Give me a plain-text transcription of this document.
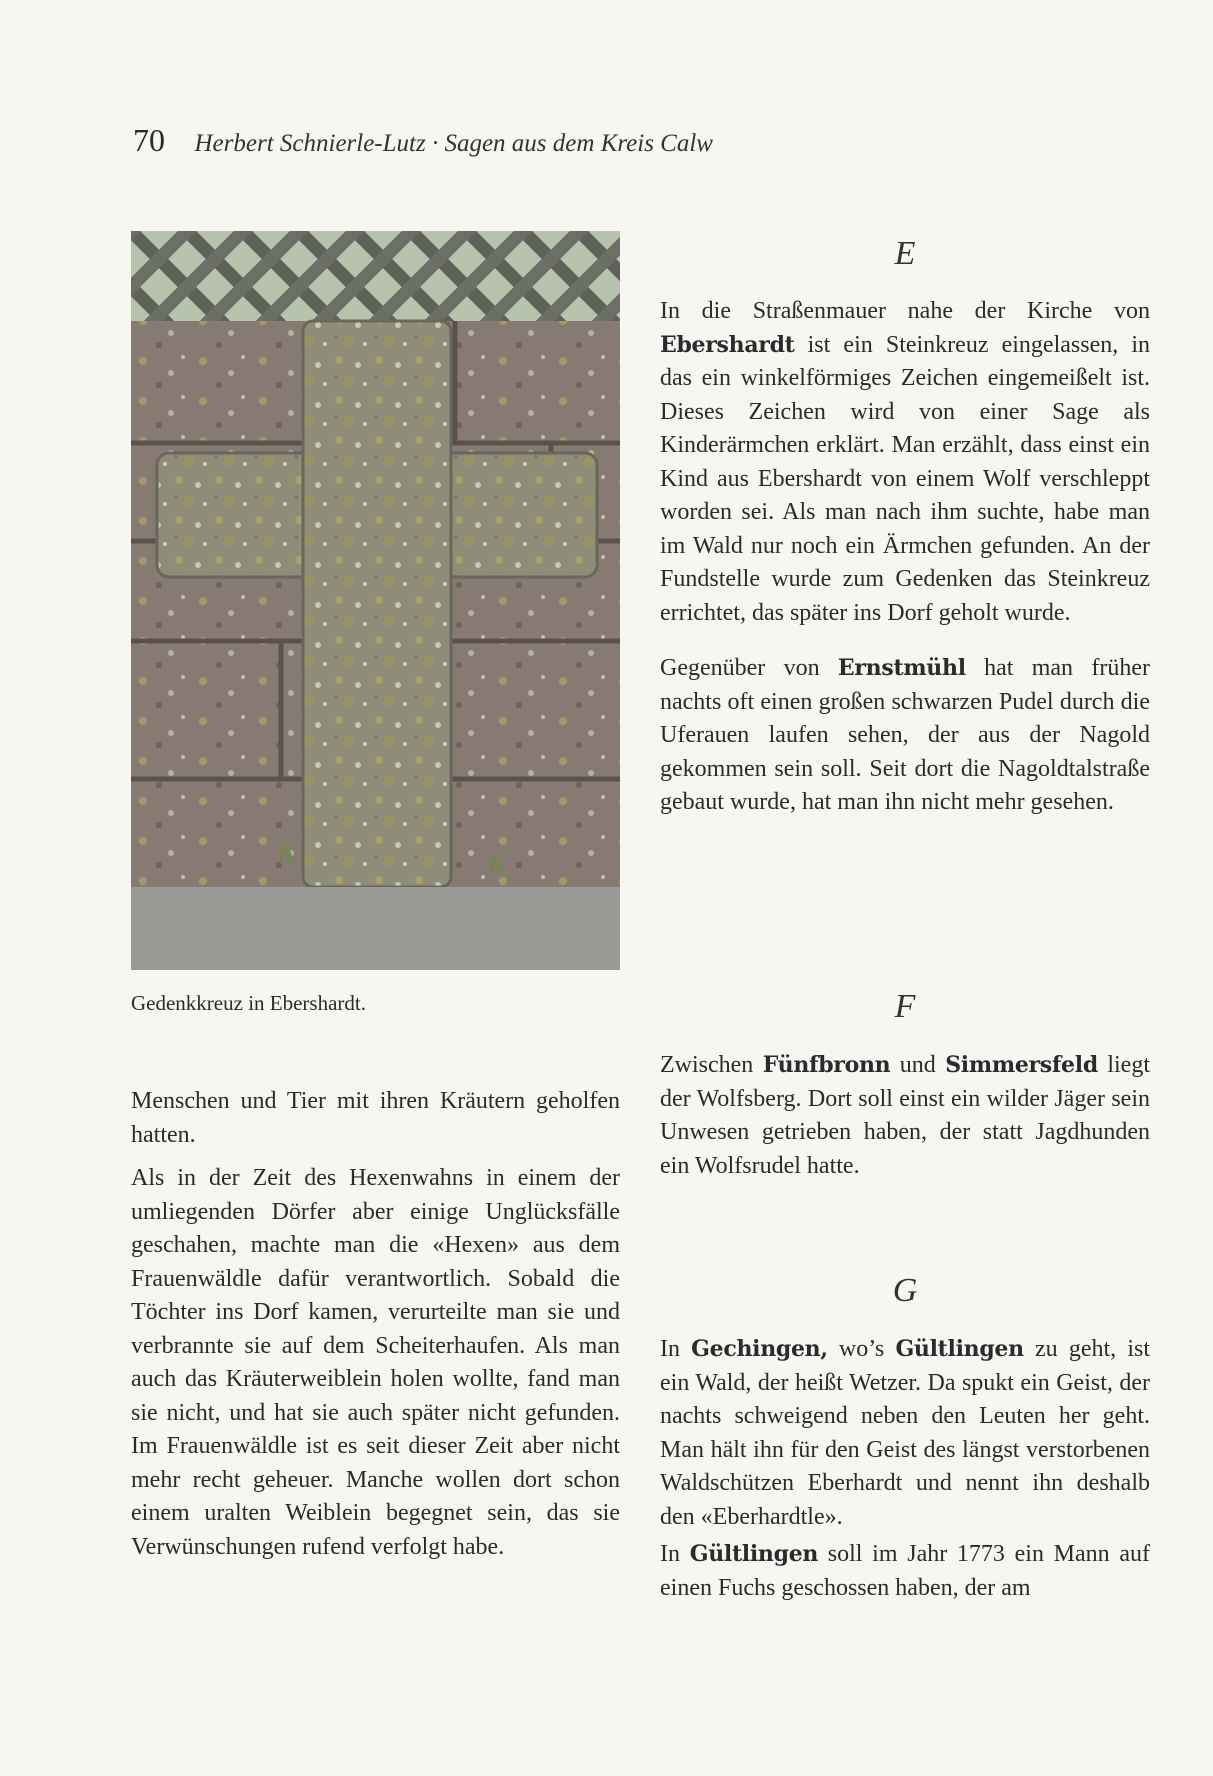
70 Herbert Schnierle-Lutz · Sagen aus dem Kreis Calw
Gedenkkreuz in Ebershardt.

Menschen und Tier mit ihren Kräutern geholfen hatten.

Als in der Zeit des Hexenwahns in einem der umliegenden Dörfer aber einige Unglücksfälle geschahen, machte man die «Hexen» aus dem Frauenwäldle dafür verantwortlich. Sobald die Töchter ins Dorf kamen, verurteilte man sie und verbrannte sie auf dem Scheiterhaufen. Als man auch das Kräuterweiblein holen wollte, fand man sie nicht, und hat sie auch später nicht gefunden. Im Frauenwäldle ist es seit dieser Zeit aber nicht mehr recht geheuer. Manche wollen dort schon einem uralten Weiblein begegnet sein, das sie Verwünschungen rufend verfolgt habe.

E

In die Straßenmauer nahe der Kirche von Ebershardt ist ein Steinkreuz eingelassen, in das ein winkelförmiges Zeichen eingemeißelt ist. Dieses Zeichen wird von einer Sage als Kinderärmchen erklärt. Man erzählt, dass einst ein Kind aus Ebershardt von einem Wolf verschleppt worden sei. Als man nach ihm suchte, habe man im Wald nur noch ein Ärmchen gefunden. An der Fundstelle wurde zum Gedenken das Steinkreuz errichtet, das später ins Dorf geholt wurde.

Gegenüber von Ernstmühl hat man früher nachts oft einen großen schwarzen Pudel durch die Uferauen laufen sehen, der aus der Nagold gekommen sein soll. Seit dort die Nagoldtalstraße gebaut wurde, hat man ihn nicht mehr gesehen.

F

Zwischen Fünfbronn und Simmersfeld liegt der Wolfsberg. Dort soll einst ein wilder Jäger sein Unwesen getrieben haben, der statt Jagdhunden ein Wolfsrudel hatte.

G

In Gechingen, wo’s Gültlingen zu geht, ist ein Wald, der heißt Wetzer. Da spukt ein Geist, der nachts schweigend neben den Leuten her geht. Man hält ihn für den Geist des längst verstorbenen Waldschützen Eberhardt und nennt ihn deshalb den «Eberhardtle».

In Gültlingen soll im Jahr 1773 ein Mann auf einen Fuchs geschossen haben, der am
